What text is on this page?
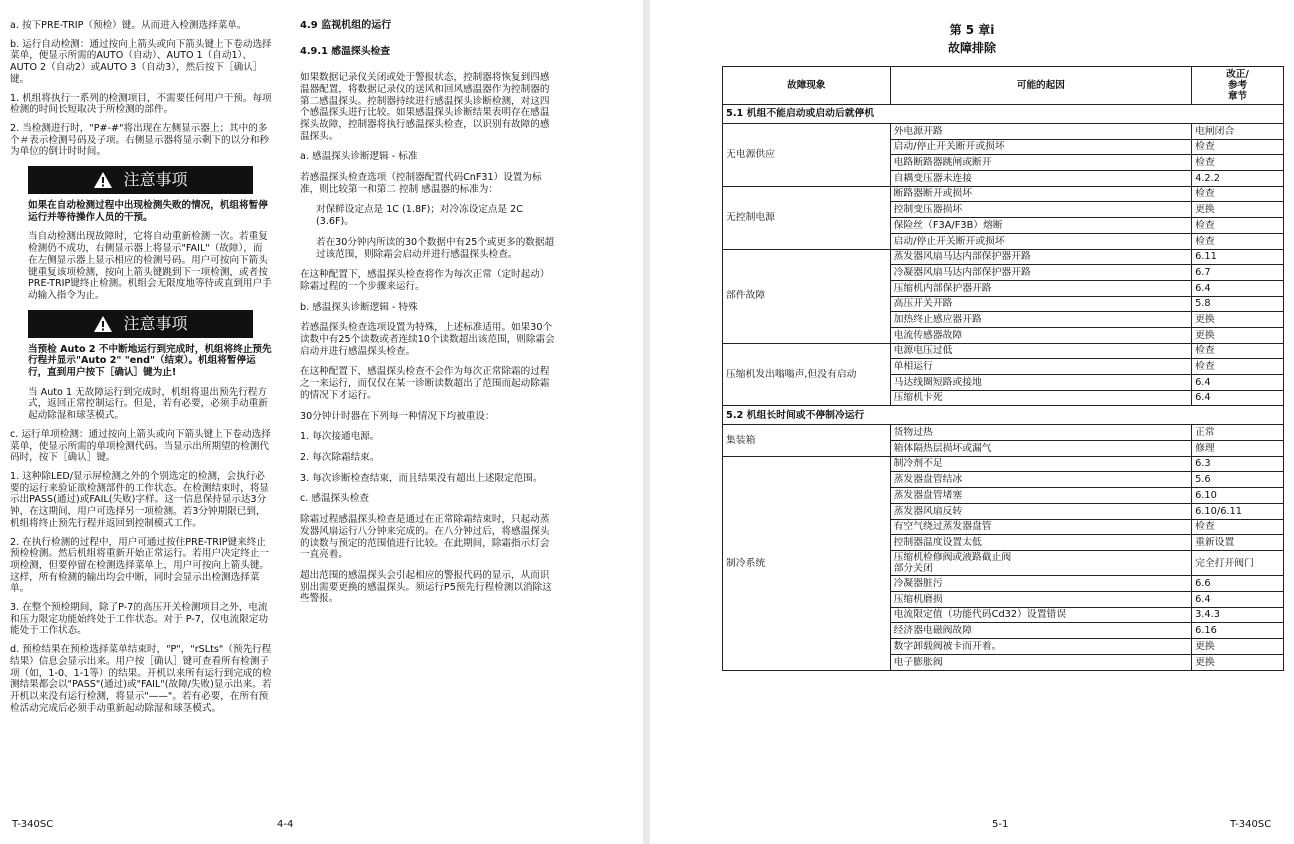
a. 按下PRE-TRIP（预检）键。从而进入检测选择菜单。
b. 运行自动检测：通过按向上箭头或向下箭头键上下卷动选择菜单，便显示所需的AUTO（自动）、AUTO 1（自动1）、AUTO 2（自动2）或AUTO 3（自动3），然后按下［确认］键。
1. 机组将执行一系列的检测项目，不需要任何用户干预。每项检测的时间长短取决于所检测的部件。
2. 当检测进行时，"P#-#"将出现在左侧显示器上；其中的多个＃表示检测号码及子项。右侧显示器将显示剩下的以分和秒为单位的倒计时时间。
注意事项
如果在自动检测过程中出现检测失败的情况，机组将暂停运行并等待操作人员的干预。
当自动检测出现故障时，它将自动重新检测一次。若重复检测仍不成功，右侧显示器上将显示"FAIL"（故障），而在左侧显示器上显示相应的检测号码。用户可按向下箭头键重复该项检测，按向上箭头键跳到下一项检测，或者按PRE-TRIP键终止检测。机组会无限度地等待或直到用户手动输入指令为止。
注意事项
当预检 Auto 2 不中断地运行到完成时，机组将终止预先行程并显示"Auto 2" "end"（结束）。机组将暂停运行，直到用户按下［确认］键为止!
当 Auto 1 无故障运行到完成时，机组将退出预先行程方式，返回正常控制运行。但是，若有必要，必须手动重新起动除湿和球茎模式。
c. 运行单项检测：通过按向上箭头或向下箭头键上下卷动选择菜单，使显示所需的单项检测代码。当显示出所期望的检测代码时，按下［确认］键。
1. 这种除LED/显示屏检测之外的个别选定的检测，会执行必要的运行来验证欲检测部件的工作状态。在检测结束时，将显示出PASS(通过)或FAIL(失败)字样。这一信息保持显示达3分钟，在这期间，用户可选择另一项检测。若3分钟期限已到，机组将终止预先行程并返回到控制模式工作。
2. 在执行检测的过程中，用户可通过按住PRE-TRIP键来终止预检检测。然后机组将重新开始正常运行。若用户决定终止一项检测，但要停留在检测选择菜单上，用户可按向上箭头键。这样，所有检测的输出均会中断，同时会显示出检测选择菜单。
3. 在整个预检期间，除了P-7的高压开关检测项目之外，电流和压力限定功能始终处于工作状态。对于 P-7，仅电流限定功能处于工作状态。
d. 预检结果在预检选择菜单结束时，"P"，"rSLts"（预先行程结果）信息会显示出来。用户按［确认］键可查看所有检测子项（如，1-0、1-1等）的结果。开机以来所有运行到完成的检测结果都会以"PASS"(通过)或"FAIL"(故障/失败)显示出来。若开机以来没有运行检测，将显示"——"。若有必要，在所有预检活动完成后必须手动重新起动除湿和球茎模式。
4.9 监视机组的运行
4.9.1 感温探头检查

如果数据记录仪关闭或处于警报状态，控制器将恢复到四感温器配置，将数据记录仪的送风和回风感温器作为控制器的第二感温探头。控制器持续进行感温探头诊断检测，对这四个感温探头进行比较。如果感温探头诊断结果表明存在感温探头故障，控制器将执行感温探头检查，以识别有故障的感温探头。

a. 感温探头诊断逻辑 - 标准

若感温探头检查选项（控制器配置代码CnF31）设置为标准，则比较第一和第二 控制 感温器的标准为：

对保鲜设定点是 1C (1.8F)；对冷冻设定点是 2C (3.6F)。

若在30分钟内所读的30个数据中有25个或更多的数据超过该范围，则除霜会启动并进行感温探头检查。

在这种配置下，感温探头检查将作为每次正常（定时起动）除霜过程的一个步骤来运行。

b. 感温探头诊断逻辑 - 特殊

若感温探头检查选项设置为特殊，上述标准适用。如果30个读数中有25个读数或者连续10个读数超出该范围，则除霜会启动并进行感温探头检查。

在这种配置下，感温探头检查不会作为每次正常除霜的过程之一来运行，而仅仅在某一诊断读数超出了范围而起动除霜的情况下才运行。

30分钟计时器在下列每一种情况下均被重设：

1. 每次接通电源。

2. 每次除霜结束。

3. 每次诊断检查结束，而且结果没有超出上述限定范围。

c. 感温探头检查

除霜过程感温探头检查是通过在正常除霜结束时，只起动蒸发器风扇运行八分钟来完成的。在八分钟过后，将感温探头的读数与预定的范围值进行比较。在此期间，除霜指示灯会一直亮着。

超出范围的感温探头会引起相应的警报代码的显示，从而识别出需要更换的感温探头。须运行P5预先行程检测以消除这些警报。

T-340SC	4-4
第 5 章i
故障排除
故障现象	可能的起因	改正/
参考
章节
5.1 机组不能启动或启动后就停机		
无电源供应	外电源开路	电闸闭合
	启动/停止开关断开或损坏	检查
	电路断路器跳闸或断开	检查
	自耦变压器未连接	4.2.2
无控制电源	断路器断开或损坏	检查
	控制变压器损坏	更换
	保险丝（F3A/F3B）熔断	检查
	启动/停止开关断开或损坏	检查
部件故障	蒸发器风扇马达内部保护器开路	6.11
	冷凝器风扇马达内部保护器开路	6.7
	压缩机内部保护器开路	6.4
	高压开关开路	5.8
	加热终止感应器开路	更换
	电流传感器故障	更换
压缩机发出嗡嗡声,但没有启动	电源电压过低	检查
	单相运行	检查
	马达线圈短路或接地	6.4
	压缩机卡死	6.4
5.2 机组长时间或不停制冷运行		
集装箱	货物过热	正常
	箱体隔热层损坏或漏气	修理
制冷系统	制冷剂不足	6.3
	蒸发器盘管结冰	5.6
	蒸发器盘管堵塞	6.10
	蒸发器风扇反转	6.10/6.11
	有空气绕过蒸发器盘管	检查
	控制器温度设置太低	重新设置
	压缩机检修阀或液路截止阀
部分关闭	完全打开阀门
	冷凝器脏污	6.6
	压缩机磨损	6.4
	电流限定值（功能代码Cd32）设置错误	3.4.3
	经济器电磁阀故障	6.16
	数字卸载阀被卡而开着。	更换
	电子膨胀阀	更换
5-1	T-340SC
